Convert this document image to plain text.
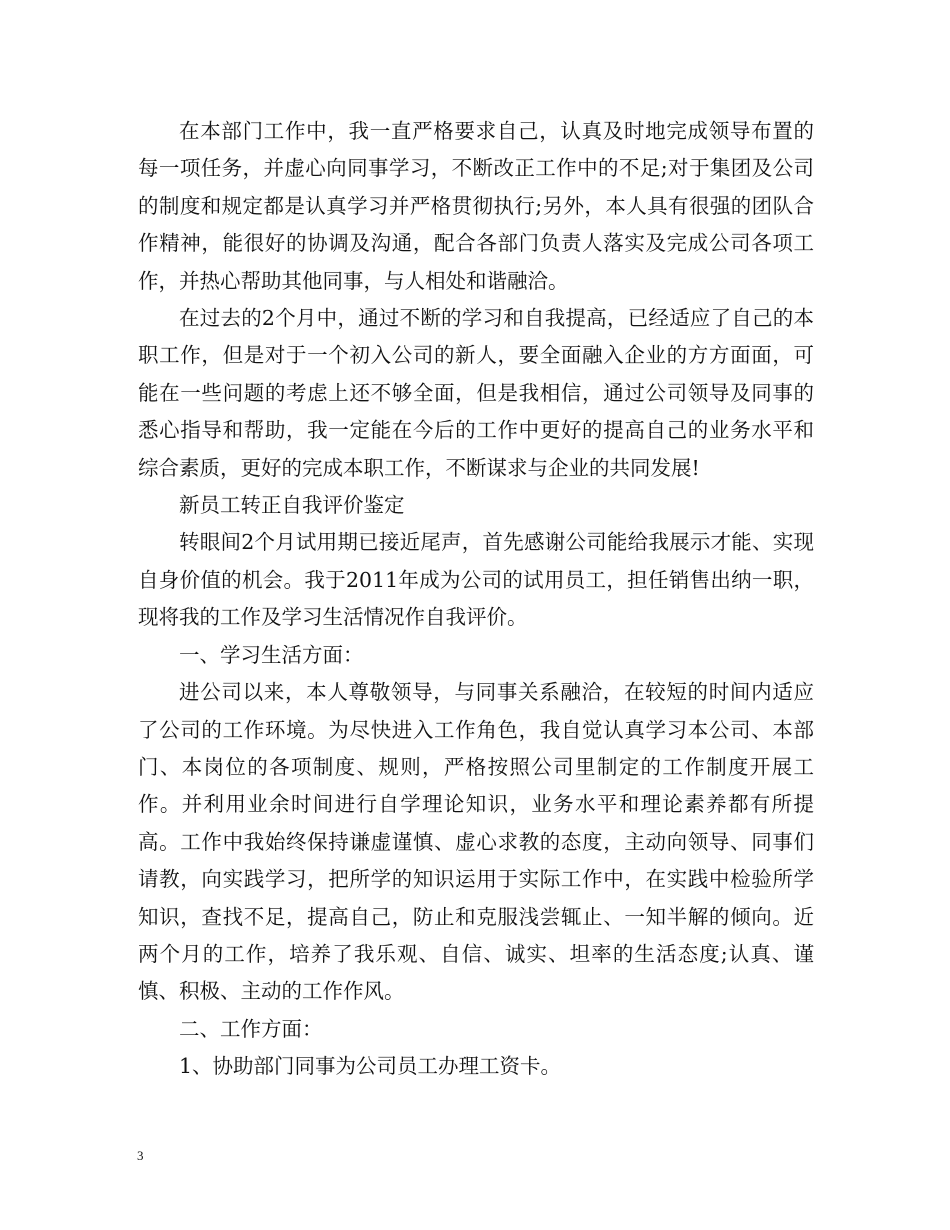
在本部门工作中，我一直严格要求自己，认真及时地完成领导布置的每一项任务，并虚心向同事学习，不断改正工作中的不足;对于集团及公司的制度和规定都是认真学习并严格贯彻执行;另外，本人具有很强的团队合作精神，能很好的协调及沟通，配合各部门负责人落实及完成公司各项工作，并热心帮助其他同事，与人相处和谐融洽。

在过去的2个月中，通过不断的学习和自我提高，已经适应了自己的本职工作，但是对于一个初入公司的新人，要全面融入企业的方方面面，可能在一些问题的考虑上还不够全面，但是我相信，通过公司领导及同事的悉心指导和帮助，我一定能在今后的工作中更好的提高自己的业务水平和综合素质，更好的完成本职工作，不断谋求与企业的共同发展!

新员工转正自我评价鉴定

转眼间2个月试用期已接近尾声，首先感谢公司能给我展示才能、实现自身价值的机会。我于2011年成为公司的试用员工，担任销售出纳一职，现将我的工作及学习生活情况作自我评价。

一、学习生活方面：

进公司以来，本人尊敬领导，与同事关系融洽，在较短的时间内适应了公司的工作环境。为尽快进入工作角色，我自觉认真学习本公司、本部门、本岗位的各项制度、规则，严格按照公司里制定的工作制度开展工作。并利用业余时间进行自学理论知识，业务水平和理论素养都有所提高。工作中我始终保持谦虚谨慎、虚心求教的态度，主动向领导、同事们请教，向实践学习，把所学的知识运用于实际工作中，在实践中检验所学知识，查找不足，提高自己，防止和克服浅尝辄止、一知半解的倾向。近两个月的工作，培养了我乐观、自信、诚实、坦率的生活态度;认真、谨慎、积极、主动的工作作风。

二、工作方面：

1、协助部门同事为公司员工办理工资卡。

3
